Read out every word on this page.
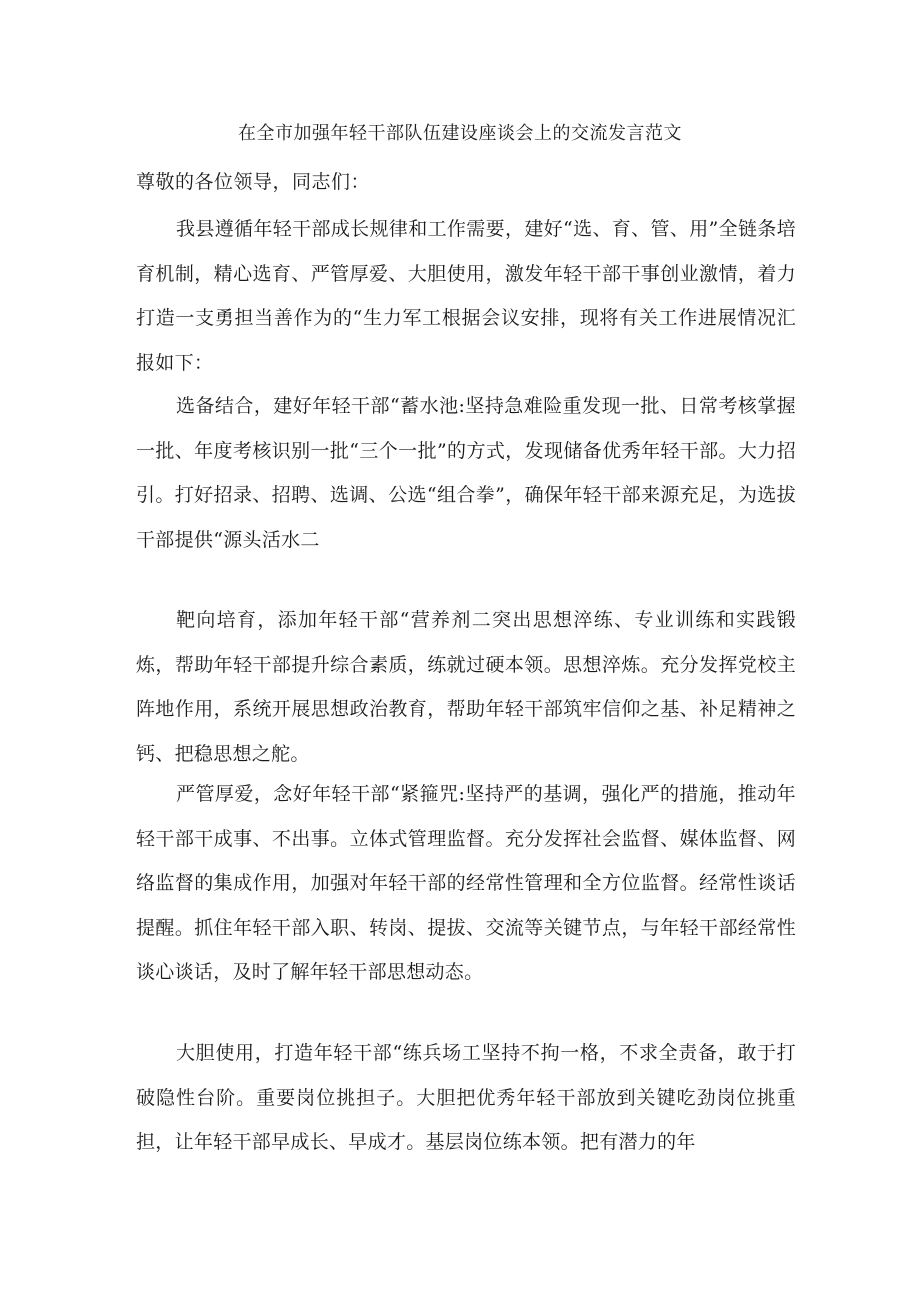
在全市加强年轻干部队伍建设座谈会上的交流发言范文
尊敬的各位领导，同志们：

我县遵循年轻干部成长规律和工作需要，建好“选、育、管、用”全链条培育机制，精心选育、严管厚爱、大胆使用，激发年轻干部干事创业激情，着力打造一支勇担当善作为的“生力军工根据会议安排，现将有关工作进展情况汇报如下：

选备结合，建好年轻干部“蓄水池:坚持急难险重发现一批、日常考核掌握一批、年度考核识别一批“三个一批”的方式，发现储备优秀年轻干部。大力招引。打好招录、招聘、选调、公选“组合拳”，确保年轻干部来源充足，为选拔干部提供“源头活水二

靶向培育，添加年轻干部“营养剂二突出思想淬练、专业训练和实践锻炼，帮助年轻干部提升综合素质，练就过硬本领。思想淬炼。充分发挥党校主阵地作用，系统开展思想政治教育，帮助年轻干部筑牢信仰之基、补足精神之钙、把稳思想之舵。

严管厚爱，念好年轻干部“紧箍咒:坚持严的基调，强化严的措施，推动年轻干部干成事、不出事。立体式管理监督。充分发挥社会监督、媒体监督、网络监督的集成作用，加强对年轻干部的经常性管理和全方位监督。经常性谈话提醒。抓住年轻干部入职、转岗、提拔、交流等关键节点，与年轻干部经常性谈心谈话，及时了解年轻干部思想动态。

大胆使用，打造年轻干部“练兵场工坚持不拘一格，不求全责备，敢于打破隐性台阶。重要岗位挑担子。大胆把优秀年轻干部放到关键吃劲岗位挑重担，让年轻干部早成长、早成才。基层岗位练本领。把有潜力的年
